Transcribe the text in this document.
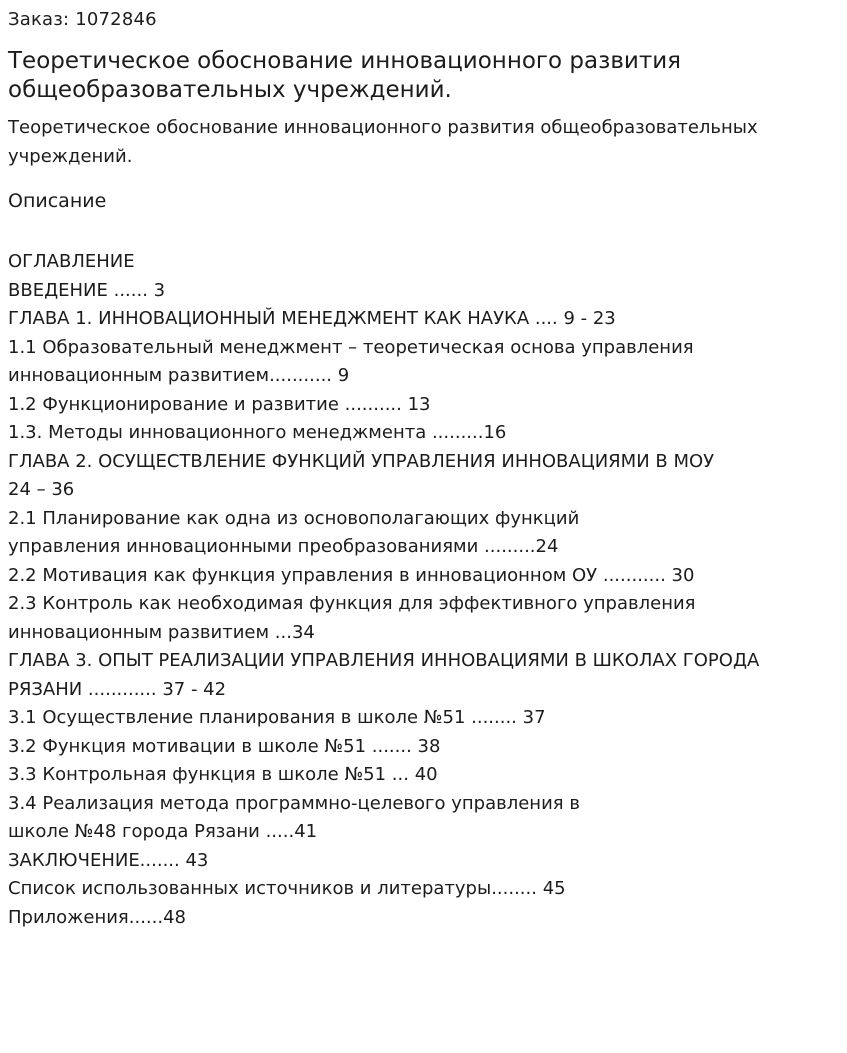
Заказ: 1072846

Теоретическое обоснование инновационного развития общеобразовательных учреждений.

Теоретическое обоснование инновационного развития общеобразовательных учреждений.

Описание

ОГЛАВЛЕНИЕ
ВВЕДЕНИЕ ...... 3
ГЛАВА 1. ИННОВАЦИОННЫЙ МЕНЕДЖМЕНТ КАК НАУКА .... 9 - 23
1.1 Образовательный менеджмент – теоретическая основа управления
инновационным развитием........... 9
1.2 Функционирование и развитие .......... 13
1.3. Методы инновационного менеджмента .........16
ГЛАВА 2. ОСУЩЕСТВЛЕНИЕ ФУНКЦИЙ УПРАВЛЕНИЯ ИННОВАЦИЯМИ В МОУ
24 – 36
2.1 Планирование как одна из основополагающих функций
управления инновационными преобразованиями .........24
2.2 Мотивация как функция управления в инновационном ОУ ........... 30
2.3 Контроль как необходимая функция для эффективного управления
инновационным развитием ...34
ГЛАВА 3. ОПЫТ РЕАЛИЗАЦИИ УПРАВЛЕНИЯ ИННОВАЦИЯМИ В ШКОЛАХ ГОРОДА
РЯЗАНИ ............ 37 - 42
3.1 Осуществление планирования в школе №51 ........ 37
3.2 Функция мотивации в школе №51 ....... 38
3.3 Контрольная функция в школе №51 ... 40
3.4 Реализация метода программно-целевого управления в
школе №48 города Рязани .....41
ЗАКЛЮЧЕНИЕ....... 43
Список использованных источников и литературы........ 45
Приложения......48
